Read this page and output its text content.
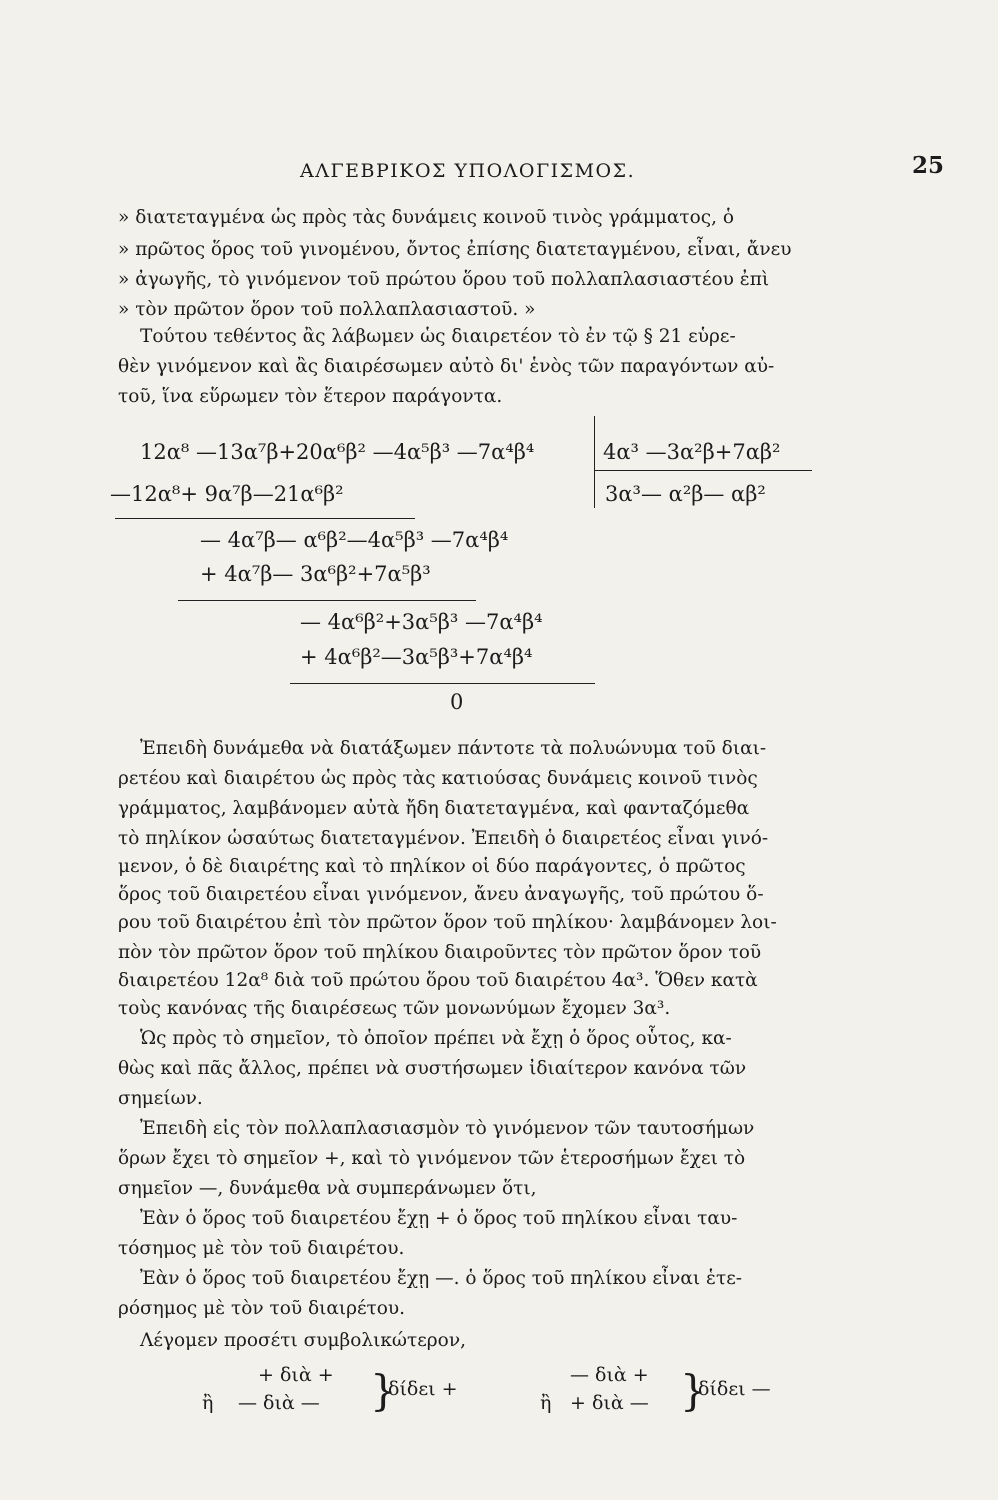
ΑΛΓΕΒΡΙΚΟΣ ΥΠΟΛΟΓΙΣΜΟΣ.	25
» διατεταγμένα ὡς πρὸς τὰς δυνάμεις κοινοῦ τινὸς γράμματος, ὁ
» πρῶτος ὅρος τοῦ γινομένου, ὄντος ἐπίσης διατεταγμένου, εἶναι, ἄνευ
» ἀγωγῆς, τὸ γινόμενον τοῦ πρώτου ὅρου τοῦ πολλαπλασιαστέου ἐπὶ
» τὸν πρῶτον ὅρον τοῦ πολλαπλασιαστοῦ. »
Τούτου τεθέντος ἂς λάβωμεν ὡς διαιρετέον τὸ ἐν τῷ § 21 εὑρε-
θὲν γινόμενον καὶ ἂς διαιρέσωμεν αὐτὸ δι' ἑνὸς τῶν παραγόντων αὐ-
τοῦ, ἵνα εὕρωμεν τὸν ἕτερον παράγοντα.
12α⁸ —13α⁷β+20α⁶β² —4α⁵β³ —7α⁴β⁴	4α³ —3α²β+7αβ²
3α³— α²β— αβ²
—12α⁸+ 9α⁷β—21α⁶β²
— 4α⁷β— α⁶β²—4α⁵β³ —7α⁴β⁴
+ 4α⁷β— 3α⁶β²+7α⁵β³
— 4α⁶β²+3α⁵β³ —7α⁴β⁴
+ 4α⁶β²—3α⁵β³+7α⁴β⁴
0
Ἐπειδὴ δυνάμεθα νὰ διατάξωμεν πάντοτε τὰ πολυώνυμα τοῦ διαι-
ρετέου καὶ διαιρέτου ὡς πρὸς τὰς κατιούσας δυνάμεις κοινοῦ τινὸς
γράμματος, λαμβάνομεν αὐτὰ ἤδη διατεταγμένα, καὶ φανταζόμεθα
τὸ πηλίκον ὡσαύτως διατεταγμένον. Ἐπειδὴ ὁ διαιρετέος εἶναι γινό-
μενον, ὁ δὲ διαιρέτης καὶ τὸ πηλίκον οἱ δύο παράγοντες, ὁ πρῶτος
ὅρος τοῦ διαιρετέου εἶναι γινόμενον, ἄνευ ἀναγωγῆς, τοῦ πρώτου ὅ-
ρου τοῦ διαιρέτου ἐπὶ τὸν πρῶτον ὅρον τοῦ πηλίκου· λαμβάνομεν λοι-
πὸν τὸν πρῶτον ὅρον τοῦ πηλίκου διαιροῦντες τὸν πρῶτον ὅρον τοῦ
διαιρετέου 12α⁸ διὰ τοῦ πρώτου ὅρου τοῦ διαιρέτου 4α³. Ὅθεν κατὰ
τοὺς κανόνας τῆς διαιρέσεως τῶν μονωνύμων ἔχομεν 3α³.
Ὡς πρὸς τὸ σημεῖον, τὸ ὁποῖον πρέπει νὰ ἔχῃ ὁ ὅρος οὗτος, κα-
θὼς καὶ πᾶς ἄλλος, πρέπει νὰ συστήσωμεν ἰδιαίτερον κανόνα τῶν
σημείων.
Ἐπειδὴ εἰς τὸν πολλαπλασιασμὸν τὸ γινόμενον τῶν ταυτοσήμων
ὅρων ἔχει τὸ σημεῖον +, καὶ τὸ γινόμενον τῶν ἑτεροσήμων ἔχει τὸ
σημεῖον —, δυνάμεθα νὰ συμπεράνωμεν ὅτι,
Ἐὰν ὁ ὅρος τοῦ διαιρετέου ἔχῃ + ὁ ὅρος τοῦ πηλίκου εἶναι ταυ-
τόσημος μὲ τὸν τοῦ διαιρέτου.
Ἐὰν ὁ ὅρος τοῦ διαιρετέου ἔχῃ —. ὁ ὅρος τοῦ πηλίκου εἶναι ἑτε-
ρόσημος μὲ τὸν τοῦ διαιρέτου.
Λέγομεν προσέτι συμβολικώτερον,
+ διὰ +
ἢ — διὰ — }
δίδει +
— διὰ +
ἢ + διὰ — }
δίδει —
